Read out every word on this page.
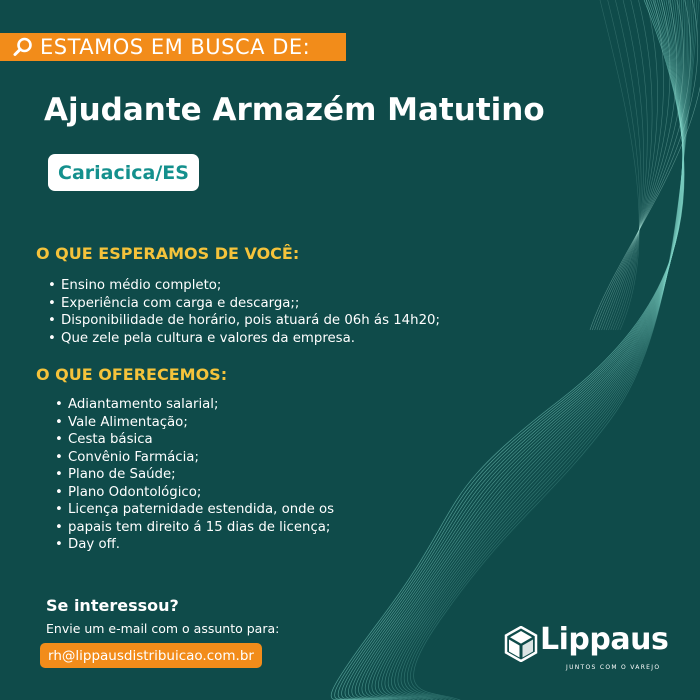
ESTAMOS EM BUSCA DE:
Ajudante Armazém Matutino
Cariacica/ES
O QUE ESPERAMOS DE VOCÊ:
• Ensino médio completo;
• Experiência com carga e descarga;;
• Disponibilidade de horário, pois atuará de 06h ás 14h20;
• Que zele pela cultura e valores da empresa.
O QUE OFERECEMOS:
• Adiantamento salarial;
• Vale Alimentação;
• Cesta básica
• Convênio Farmácia;
• Plano de Saúde;
• Plano Odontológico;
• Licença paternidade estendida, onde os
• papais tem direito á 15 dias de licença;
• Day off.
Se interessou?
Envie um e-mail com o assunto para:
rh@lippausdistribuicao.com.br	Lippaus
JUNTOS COM O VAREJO
